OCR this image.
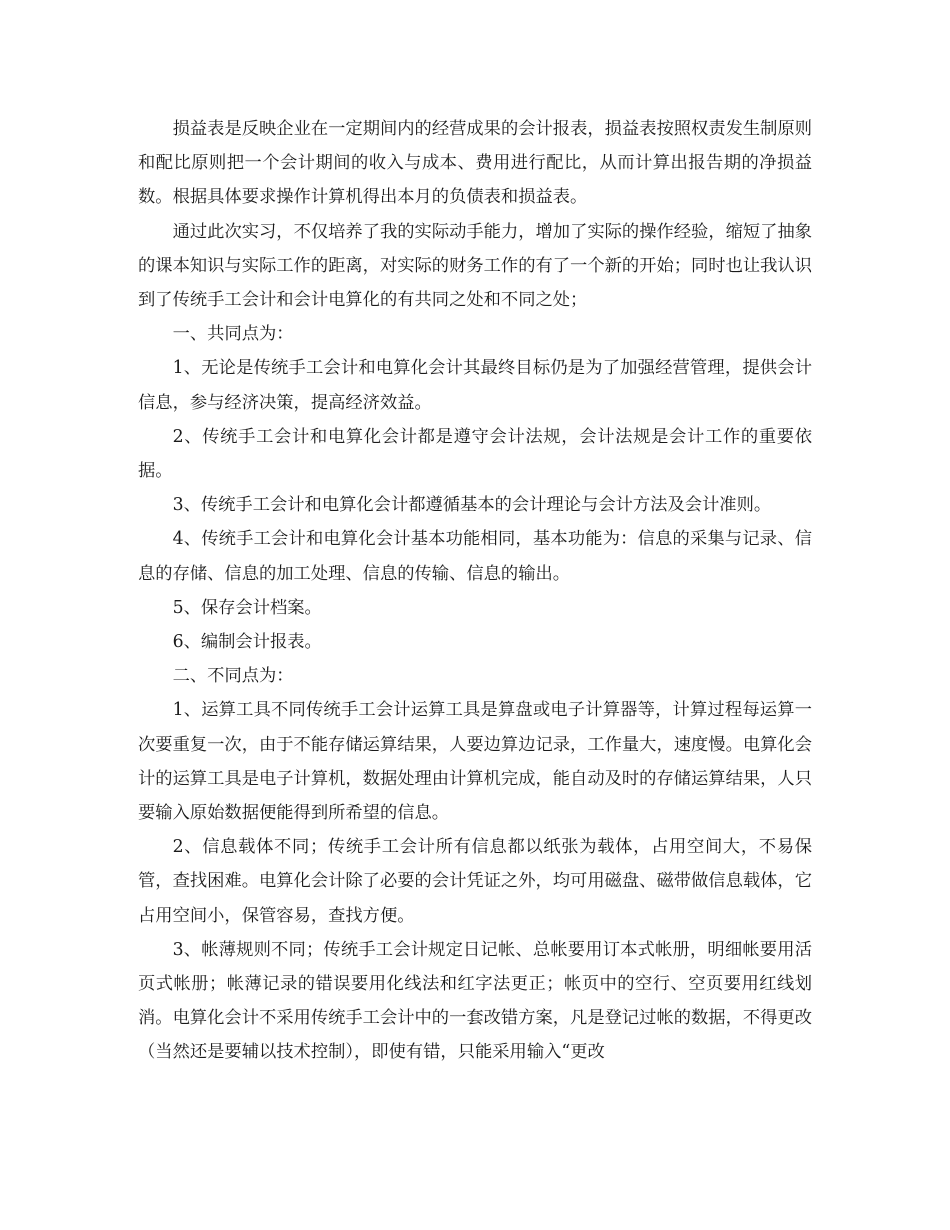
损益表是反映企业在一定期间内的经营成果的会计报表，损益表按照权责发生制原则和配比原则把一个会计期间的收入与成本、费用进行配比，从而计算出报告期的净损益数。根据具体要求操作计算机得出本月的负债表和损益表。

通过此次实习，不仅培养了我的实际动手能力，增加了实际的操作经验，缩短了抽象的课本知识与实际工作的距离，对实际的财务工作的有了一个新的开始；同时也让我认识到了传统手工会计和会计电算化的有共同之处和不同之处；

一、共同点为：

1、无论是传统手工会计和电算化会计其最终目标仍是为了加强经营管理，提供会计信息，参与经济决策，提高经济效益。

2、传统手工会计和电算化会计都是遵守会计法规，会计法规是会计工作的重要依据。

3、传统手工会计和电算化会计都遵循基本的会计理论与会计方法及会计准则。

4、传统手工会计和电算化会计基本功能相同，基本功能为：信息的采集与记录、信息的存储、信息的加工处理、信息的传输、信息的输出。

5、保存会计档案。

6、编制会计报表。

二、不同点为：

1、运算工具不同传统手工会计运算工具是算盘或电子计算器等，计算过程每运算一次要重复一次，由于不能存储运算结果，人要边算边记录，工作量大，速度慢。电算化会计的运算工具是电子计算机，数据处理由计算机完成，能自动及时的存储运算结果，人只要输入原始数据便能得到所希望的信息。

2、信息载体不同；传统手工会计所有信息都以纸张为载体，占用空间大，不易保管，查找困难。电算化会计除了必要的会计凭证之外，均可用磁盘、磁带做信息载体，它占用空间小，保管容易，查找方便。

3、帐薄规则不同；传统手工会计规定日记帐、总帐要用订本式帐册，明细帐要用活页式帐册；帐薄记录的错误要用化线法和红字法更正；帐页中的空行、空页要用红线划消。电算化会计不采用传统手工会计中的一套改错方案，凡是登记过帐的数据，不得更改（当然还是要辅以技术控制），即使有错，只能采用输入“更改
